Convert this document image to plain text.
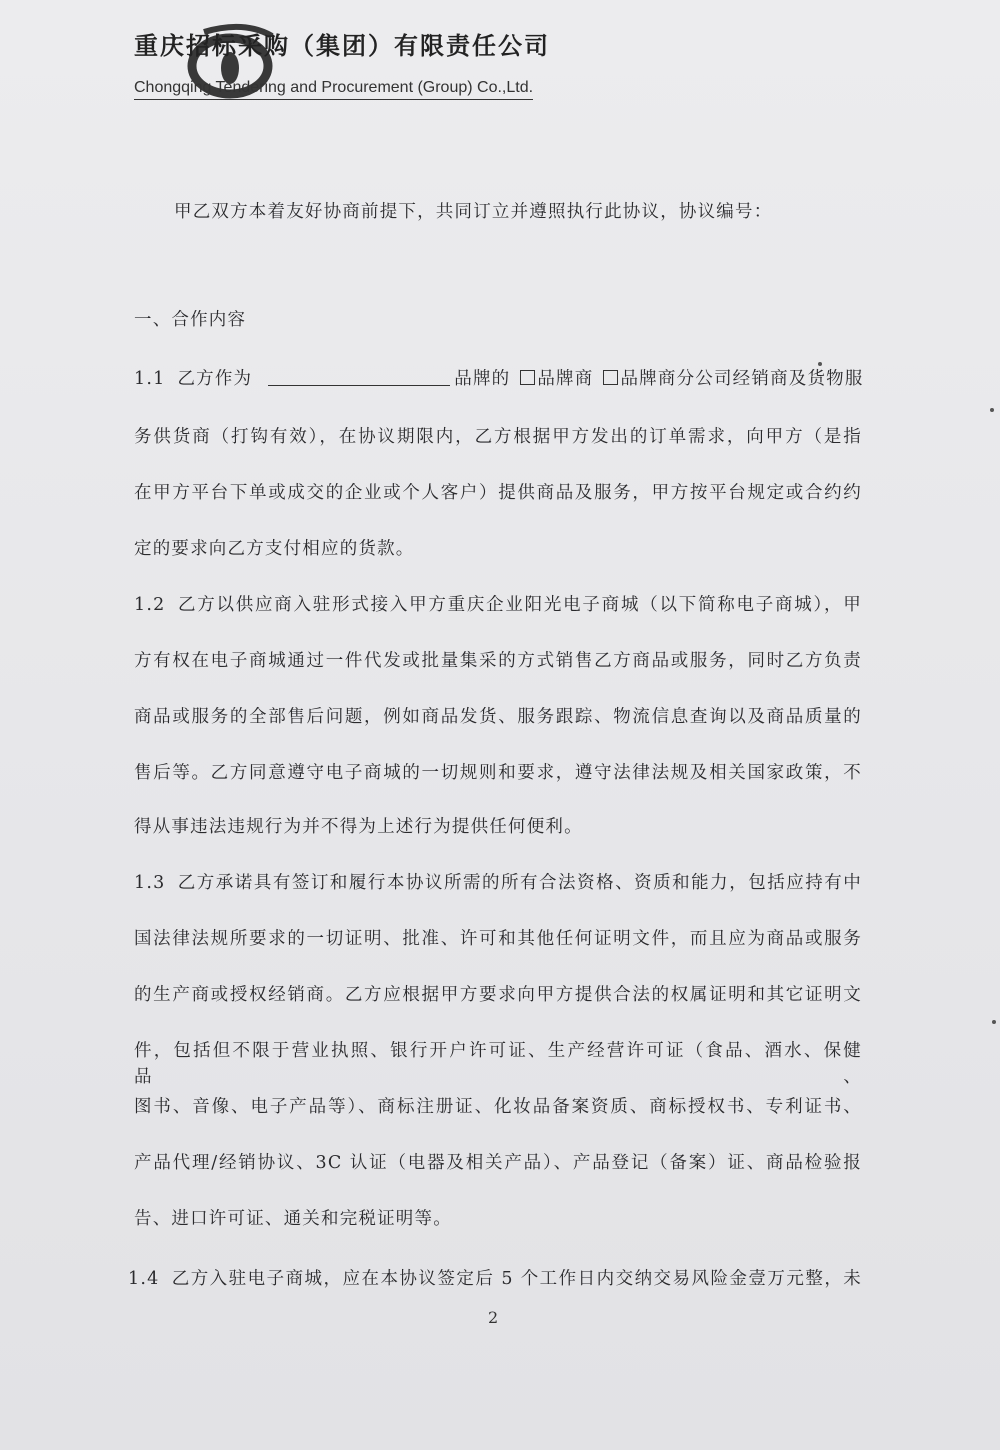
重庆招标采购（集团）有限责任公司
Chongqing Tendering and Procurement (Group) Co.,Ltd.
甲乙双方本着友好协商前提下，共同订立并遵照执行此协议，协议编号：
一、合作内容
1.1 乙方作为	品牌的 品牌商 品牌商分公司经销商及货物服
务供货商（打钩有效），在协议期限内，乙方根据甲方发出的订单需求，向甲方（是指
在甲方平台下单或成交的企业或个人客户）提供商品及服务，甲方按平台规定或合约约
定的要求向乙方支付相应的货款。
1.2 乙方以供应商入驻形式接入甲方重庆企业阳光电子商城（以下简称电子商城），甲
方有权在电子商城通过一件代发或批量集采的方式销售乙方商品或服务，同时乙方负责
商品或服务的全部售后问题，例如商品发货、服务跟踪、物流信息查询以及商品质量的
售后等。乙方同意遵守电子商城的一切规则和要求，遵守法律法规及相关国家政策，不
得从事违法违规行为并不得为上述行为提供任何便利。
1.3 乙方承诺具有签订和履行本协议所需的所有合法资格、资质和能力，包括应持有中
国法律法规所要求的一切证明、批准、许可和其他任何证明文件，而且应为商品或服务
的生产商或授权经销商。乙方应根据甲方要求向甲方提供合法的权属证明和其它证明文
件，包括但不限于营业执照、银行开户许可证、生产经营许可证（食品、酒水、保健品、
图书、音像、电子产品等）、商标注册证、化妆品备案资质、商标授权书、专利证书、
产品代理/经销协议、3C 认证（电器及相关产品）、产品登记（备案）证、商品检验报
告、进口许可证、通关和完税证明等。
1.4 乙方入驻电子商城，应在本协议签定后 5 个工作日内交纳交易风险金壹万元整，未
2
